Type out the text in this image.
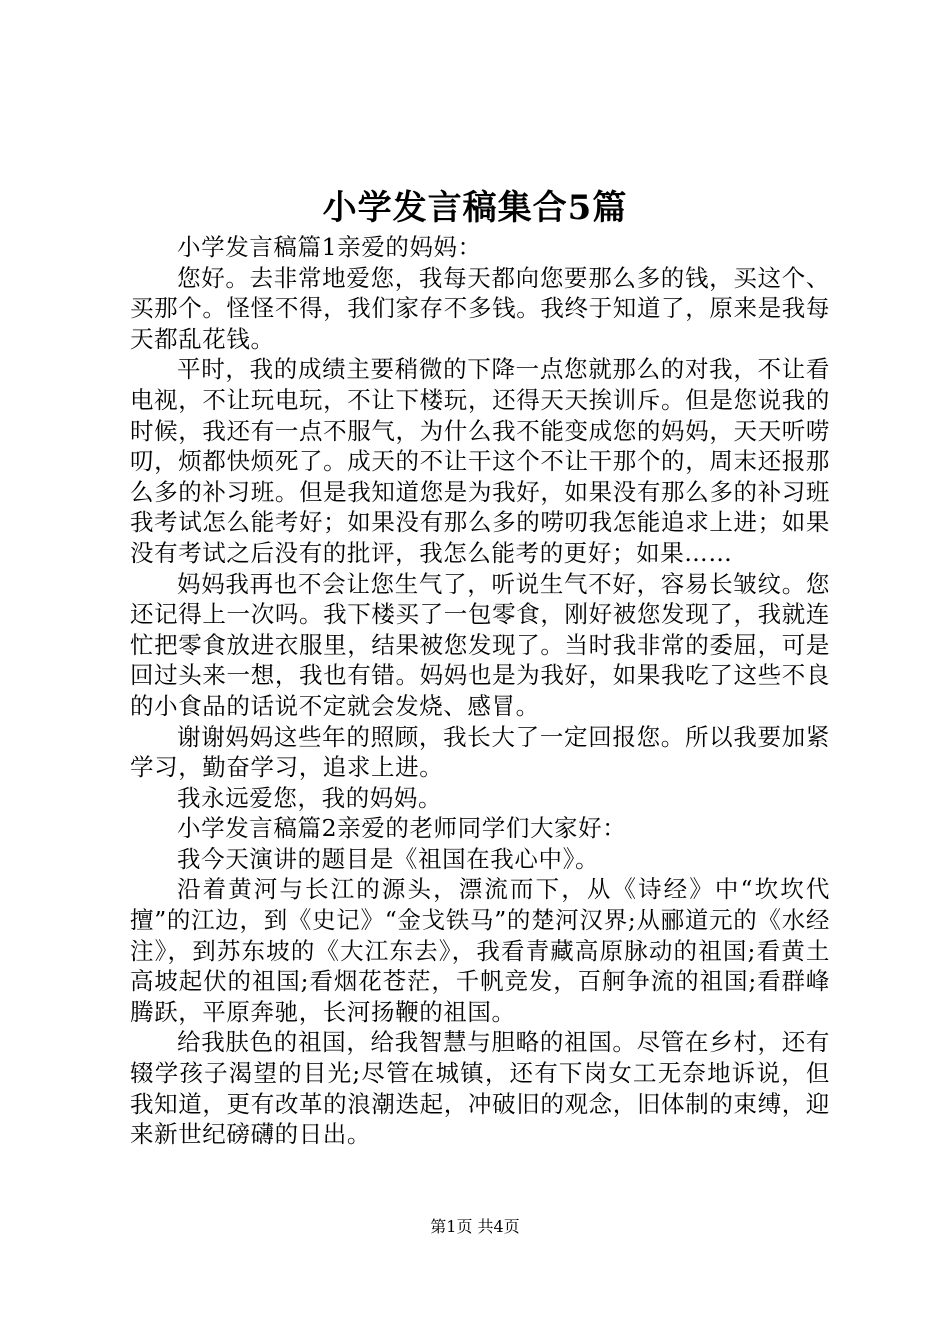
小学发言稿集合5篇

小学发言稿篇1亲爱的妈妈：

您好。去非常地爱您，我每天都向您要那么多的钱，买这个、买那个。怪怪不得，我们家存不多钱。我终于知道了，原来是我每天都乱花钱。

平时，我的成绩主要稍微的下降一点您就那么的对我，不让看电视，不让玩电玩，不让下楼玩，还得天天挨训斥。但是您说我的时候，我还有一点不服气，为什么我不能变成您的妈妈，天天听唠叨，烦都快烦死了。成天的不让干这个不让干那个的，周末还报那么多的补习班。但是我知道您是为我好，如果没有那么多的补习班我考试怎么能考好；如果没有那么多的唠叨我怎能追求上进；如果没有考试之后没有的批评，我怎么能考的更好；如果……

妈妈我再也不会让您生气了，听说生气不好，容易长皱纹。您还记得上一次吗。我下楼买了一包零食，刚好被您发现了，我就连忙把零食放进衣服里，结果被您发现了。当时我非常的委屈，可是回过头来一想，我也有错。妈妈也是为我好，如果我吃了这些不良的小食品的话说不定就会发烧、感冒。

谢谢妈妈这些年的照顾，我长大了一定回报您。所以我要加紧学习，勤奋学习，追求上进。

我永远爱您，我的妈妈。

小学发言稿篇2亲爱的老师同学们大家好：

我今天演讲的题目是《祖国在我心中》。

沿着黄河与长江的源头，漂流而下，从《诗经》中“坎坎代擅”的江边，到《史记》“金戈铁马”的楚河汉界;从郦道元的《水经注》，到苏东坡的《大江东去》，我看青藏高原脉动的祖国;看黄土高坡起伏的祖国;看烟花苍茫，千帆竞发，百舸争流的祖国;看群峰腾跃，平原奔驰，长河扬鞭的祖国。

给我肤色的祖国，给我智慧与胆略的祖国。尽管在乡村，还有辍学孩子渴望的目光;尽管在城镇，还有下岗女工无奈地诉说，但我知道，更有改革的浪潮迭起，冲破旧的观念，旧体制的束缚，迎来新世纪磅礴的日出。

第1页 共4页
